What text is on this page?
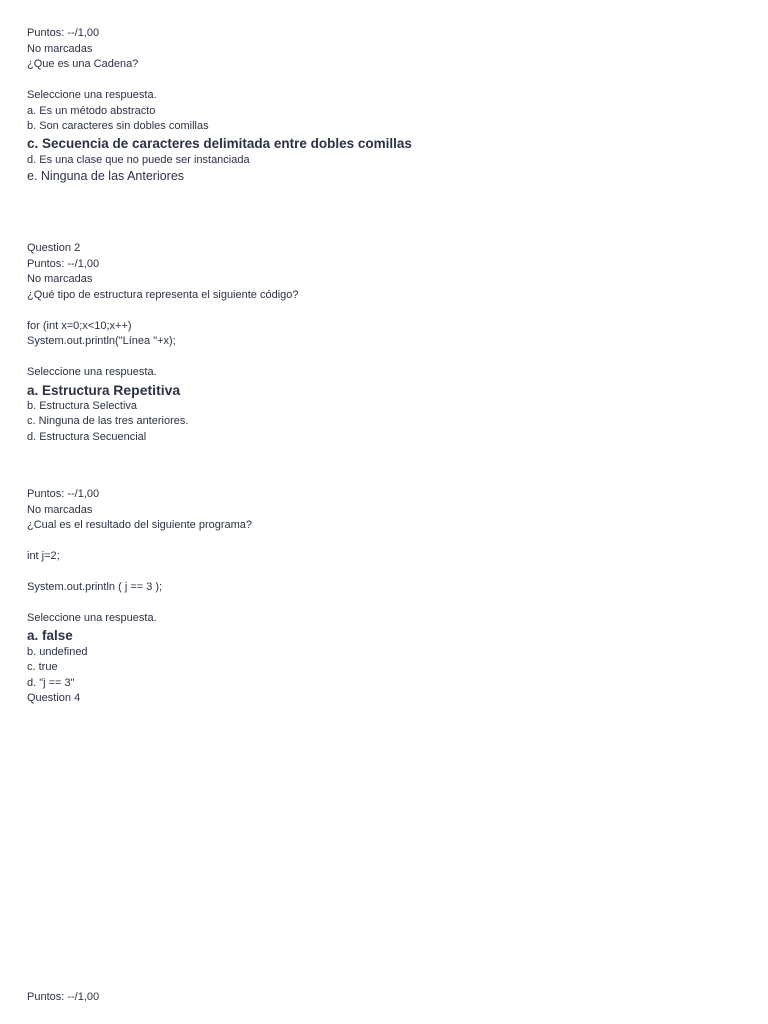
Puntos: --/1,00
No marcadas
¿Que es una Cadena?
Seleccione una respuesta.
a. Es un método abstracto
b. Son caracteres sin dobles comillas
c. Secuencia de caracteres delimitada entre dobles comillas
d. Es una clase que no puede ser instanciada
e. Ninguna de las Anteriores
Question 2
Puntos: --/1,00
No marcadas
¿Qué tipo de estructura representa el siguiente código?
for (int x=0;x<10;x++)
System.out.println("Línea "+x);
Seleccione una respuesta.
a. Estructura Repetitiva
b. Estructura Selectiva
c. Ninguna de las tres anteriores.
d. Estructura Secuencial
Puntos: --/1,00
No marcadas
¿Cual es el resultado del siguiente programa?
int j=2;
System.out.println ( j == 3 );
Seleccione una respuesta.
a. false
b. undefined
c. true
d. "j == 3"
Question 4
Puntos: --/1,00
